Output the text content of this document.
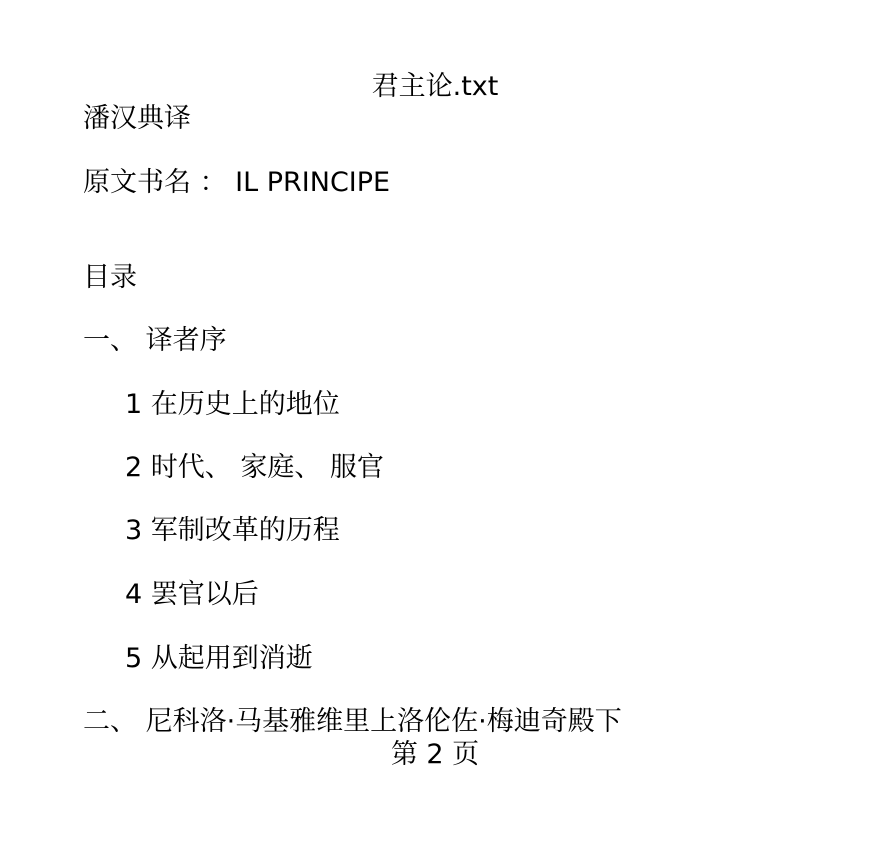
君主论.txt
潘汉典译
原文书名 ： IL PRINCIPE
目录
一、 译者序
1 在历史上的地位
2 时代、 家庭、 服官
3 军制改革的历程
4 罢官以后
5 从起用到消逝
二、 尼科洛·马基雅维里上洛伦佐·梅迪奇殿下
第 2 页
